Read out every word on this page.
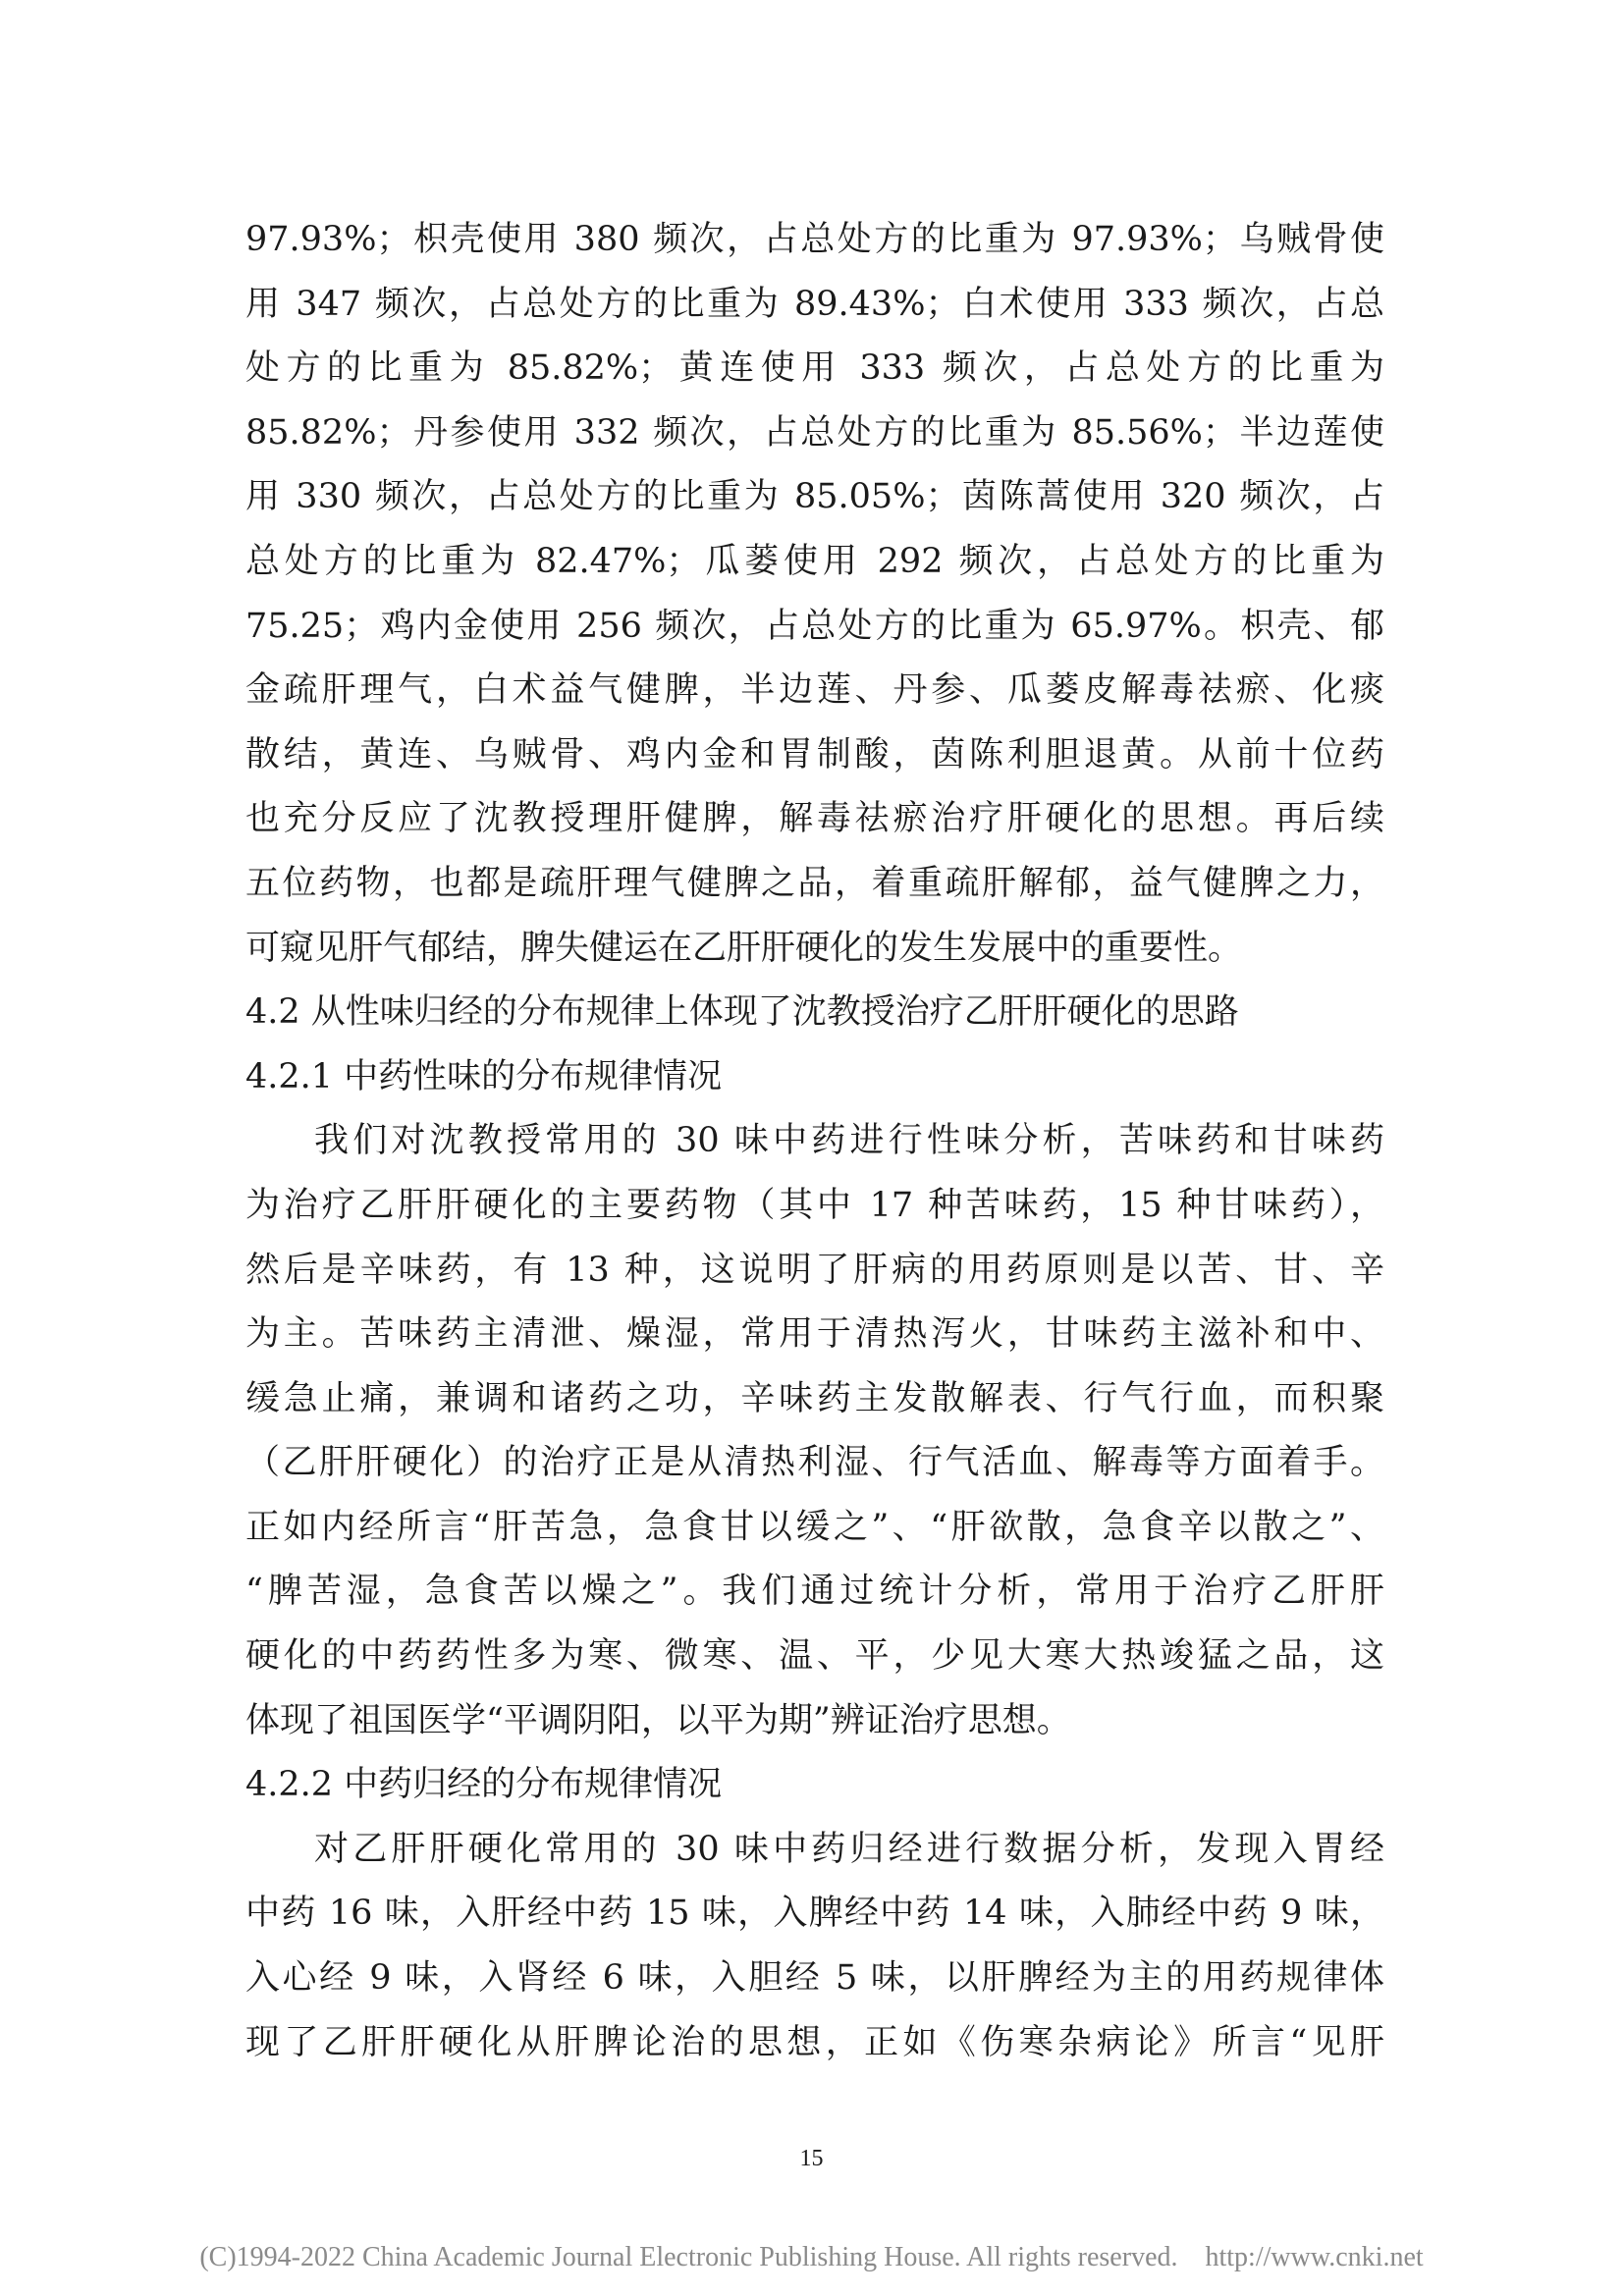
97.93%；枳壳使用 380 频次，占总处方的比重为 97.93%；乌贼骨使
用 347 频次，占总处方的比重为 89.43%；白术使用 333 频次，占总
处方的比重为 85.82%；黄连使用 333 频次，占总处方的比重为
85.82%；丹参使用 332 频次，占总处方的比重为 85.56%；半边莲使
用 330 频次，占总处方的比重为 85.05%；茵陈蒿使用 320 频次，占
总处方的比重为 82.47%；瓜蒌使用 292 频次，占总处方的比重为
75.25；鸡内金使用 256 频次，占总处方的比重为 65.97%。枳壳、郁
金疏肝理气，白术益气健脾，半边莲、丹参、瓜蒌皮解毒祛瘀、化痰
散结，黄连、乌贼骨、鸡内金和胃制酸，茵陈利胆退黄。从前十位药
也充分反应了沈教授理肝健脾，解毒祛瘀治疗肝硬化的思想。再后续
五位药物，也都是疏肝理气健脾之品，着重疏肝解郁，益气健脾之力，
可窥见肝气郁结，脾失健运在乙肝肝硬化的发生发展中的重要性。
4.2 从性味归经的分布规律上体现了沈教授治疗乙肝肝硬化的思路
4.2.1 中药性味的分布规律情况
我们对沈教授常用的 30 味中药进行性味分析，苦味药和甘味药
为治疗乙肝肝硬化的主要药物（其中 17 种苦味药，15 种甘味药），
然后是辛味药，有 13 种，这说明了肝病的用药原则是以苦、甘、辛
为主。苦味药主清泄、燥湿，常用于清热泻火，甘味药主滋补和中、
缓急止痛，兼调和诸药之功，辛味药主发散解表、行气行血，而积聚
（乙肝肝硬化）的治疗正是从清热利湿、行气活血、解毒等方面着手。
正如内经所言“肝苦急，急食甘以缓之”、“肝欲散，急食辛以散之”、
“脾苦湿，急食苦以燥之”。我们通过统计分析，常用于治疗乙肝肝
硬化的中药药性多为寒、微寒、温、平，少见大寒大热竣猛之品，这
体现了祖国医学“平调阴阳，以平为期”辨证治疗思想。
4.2.2 中药归经的分布规律情况
对乙肝肝硬化常用的 30 味中药归经进行数据分析，发现入胃经
中药 16 味，入肝经中药 15 味，入脾经中药 14 味，入肺经中药 9 味，
入心经 9 味，入肾经 6 味，入胆经 5 味，以肝脾经为主的用药规律体
现了乙肝肝硬化从肝脾论治的思想，正如《伤寒杂病论》所言“见肝
15
(C)1994-2022 China Academic Journal Electronic Publishing House. All rights reserved. http://www.cnki.net
